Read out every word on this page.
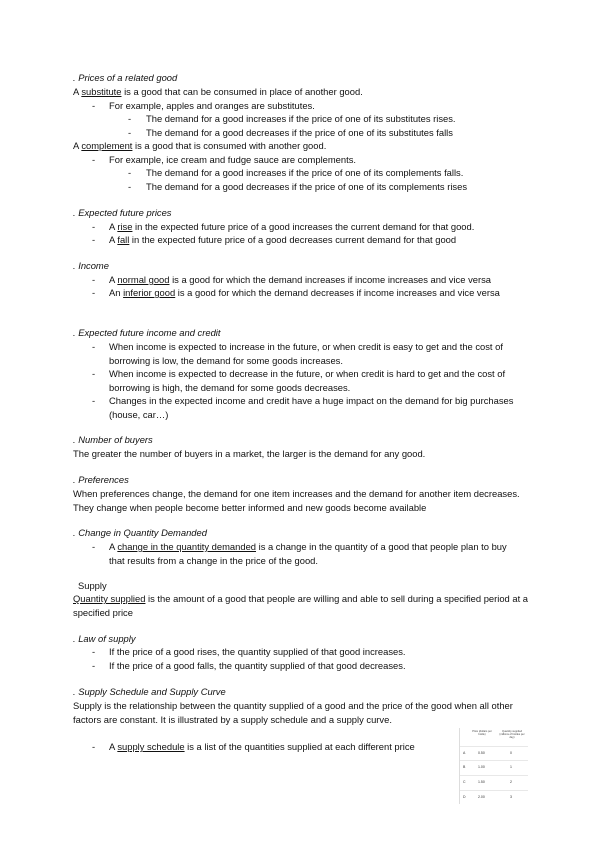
. Prices of a related good
A substitute is a good that can be consumed in place of another good.
- For example, apples and oranges are substitutes.
- The demand for a good increases if the price of one of its substitutes rises.
- The demand for a good decreases if the price of one of its substitutes falls
A complement is a good that is consumed with another good.
- For example, ice cream and fudge sauce are complements.
- The demand for a good increases if the price of one of its complements falls.
- The demand for a good decreases if the price of one of its complements rises
. Expected future prices
- A rise in the expected future price of a good increases the current demand for that good.
- A fall in the expected future price of a good decreases current demand for that good
. Income
- A normal good is a good for which the demand increases if income increases and vice versa
- An inferior good is a good for which the demand decreases if income increases and vice versa
. Expected future income and credit
- When income is expected to increase in the future, or when credit is easy to get and the cost of borrowing is low, the demand for some goods increases.
- When income is expected to decrease in the future, or when credit is hard to get and the cost of borrowing is high, the demand for some goods decreases.
- Changes in the expected income and credit have a huge impact on the demand for big purchases (house, car…)
. Number of buyers
The greater the number of buyers in a market, the larger is the demand for any good.
. Preferences
When preferences change, the demand for one item increases and the demand for another item decreases. They change when people become better informed and new goods become available
. Change in Quantity Demanded
- A change in the quantity demanded is a change in the quantity of a good that people plan to buy that results from a change in the price of the good.
Supply
Quantity supplied is the amount of a good that people are willing and able to sell during a specified period at a specified price
. Law of supply
- If the price of a good rises, the quantity supplied of that good increases.
- If the price of a good falls, the quantity supplied of that good decreases.
. Supply Schedule and Supply Curve
Supply is the relationship between the quantity supplied of a good and the price of the good when all other factors are constant. It is illustrated by a supply schedule and a supply curve.
- A supply schedule is a list of the quantities supplied at each different price
Price (dollars per bottle)
Quantity supplied (millions of bottles per day)
A	0.50	0
B	1.00	1
C	1.50	2
D	2.00	3
